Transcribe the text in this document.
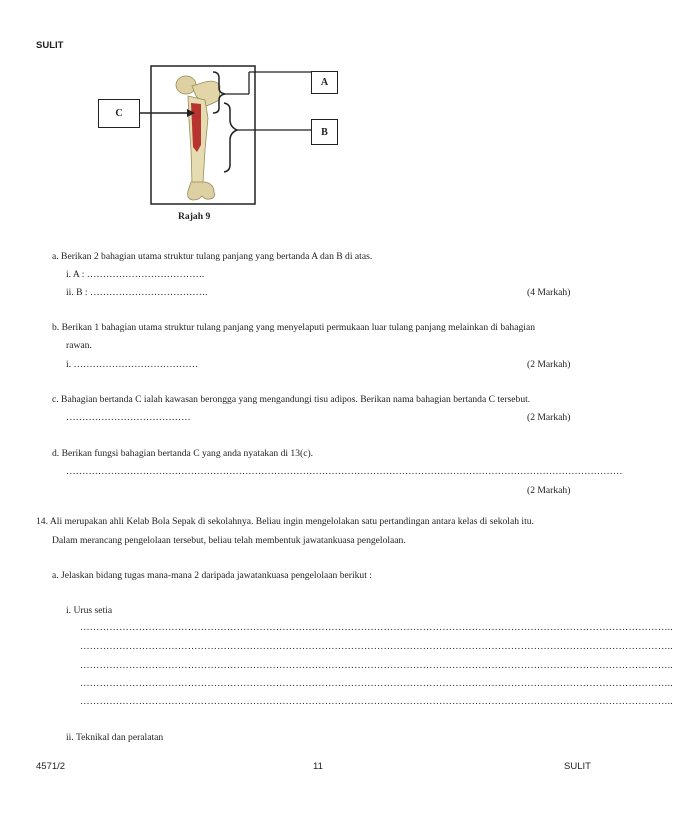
SULIT
A
B
C
Rajah 9
a. Berikan 2 bahagian utama struktur tulang panjang yang bertanda A dan B di atas.
i. A : ……………………………….
ii. B : ……………………………….	(4 Markah)
b. Berikan 1 bahagian utama struktur tulang panjang yang menyelaputi permukaan luar tulang panjang melainkan di bahagian
rawan.
i. …………………………………	(2 Markah)
c. Bahagian bertanda C ialah kawasan berongga yang mengandungi tisu adipos. Berikan nama bahagian bertanda C tersebut.
…………………………………	(2 Markah)
d. Berikan fungsi bahagian bertanda C yang anda nyatakan di 13(c).
…………………………………………………………………………………………………………………………………………………………
(2 Markah)
14. Ali merupakan ahli Kelab Bola Sepak di sekolahnya. Beliau ingin mengelolakan satu pertandingan antara kelas di sekolah itu.
Dalam merancang pengelolaan tersebut, beliau telah membentuk jawatankuasa pengelolaan.
a. Jelaskan bidang tugas mana-mana 2 daripada jawatankuasa pengelolaan berikut :
i. Urus setia
………………………………………………………………………………………………………………………………………………………………..
………………………………………………………………………………………………………………………………………………………………..
………………………………………………………………………………………………………………………………………………………………..
………………………………………………………………………………………………………………………………………………………………..
………………………………………………………………………………………………………………………………………………………………..
ii. Teknikal dan peralatan
4571/2	11	SULIT
